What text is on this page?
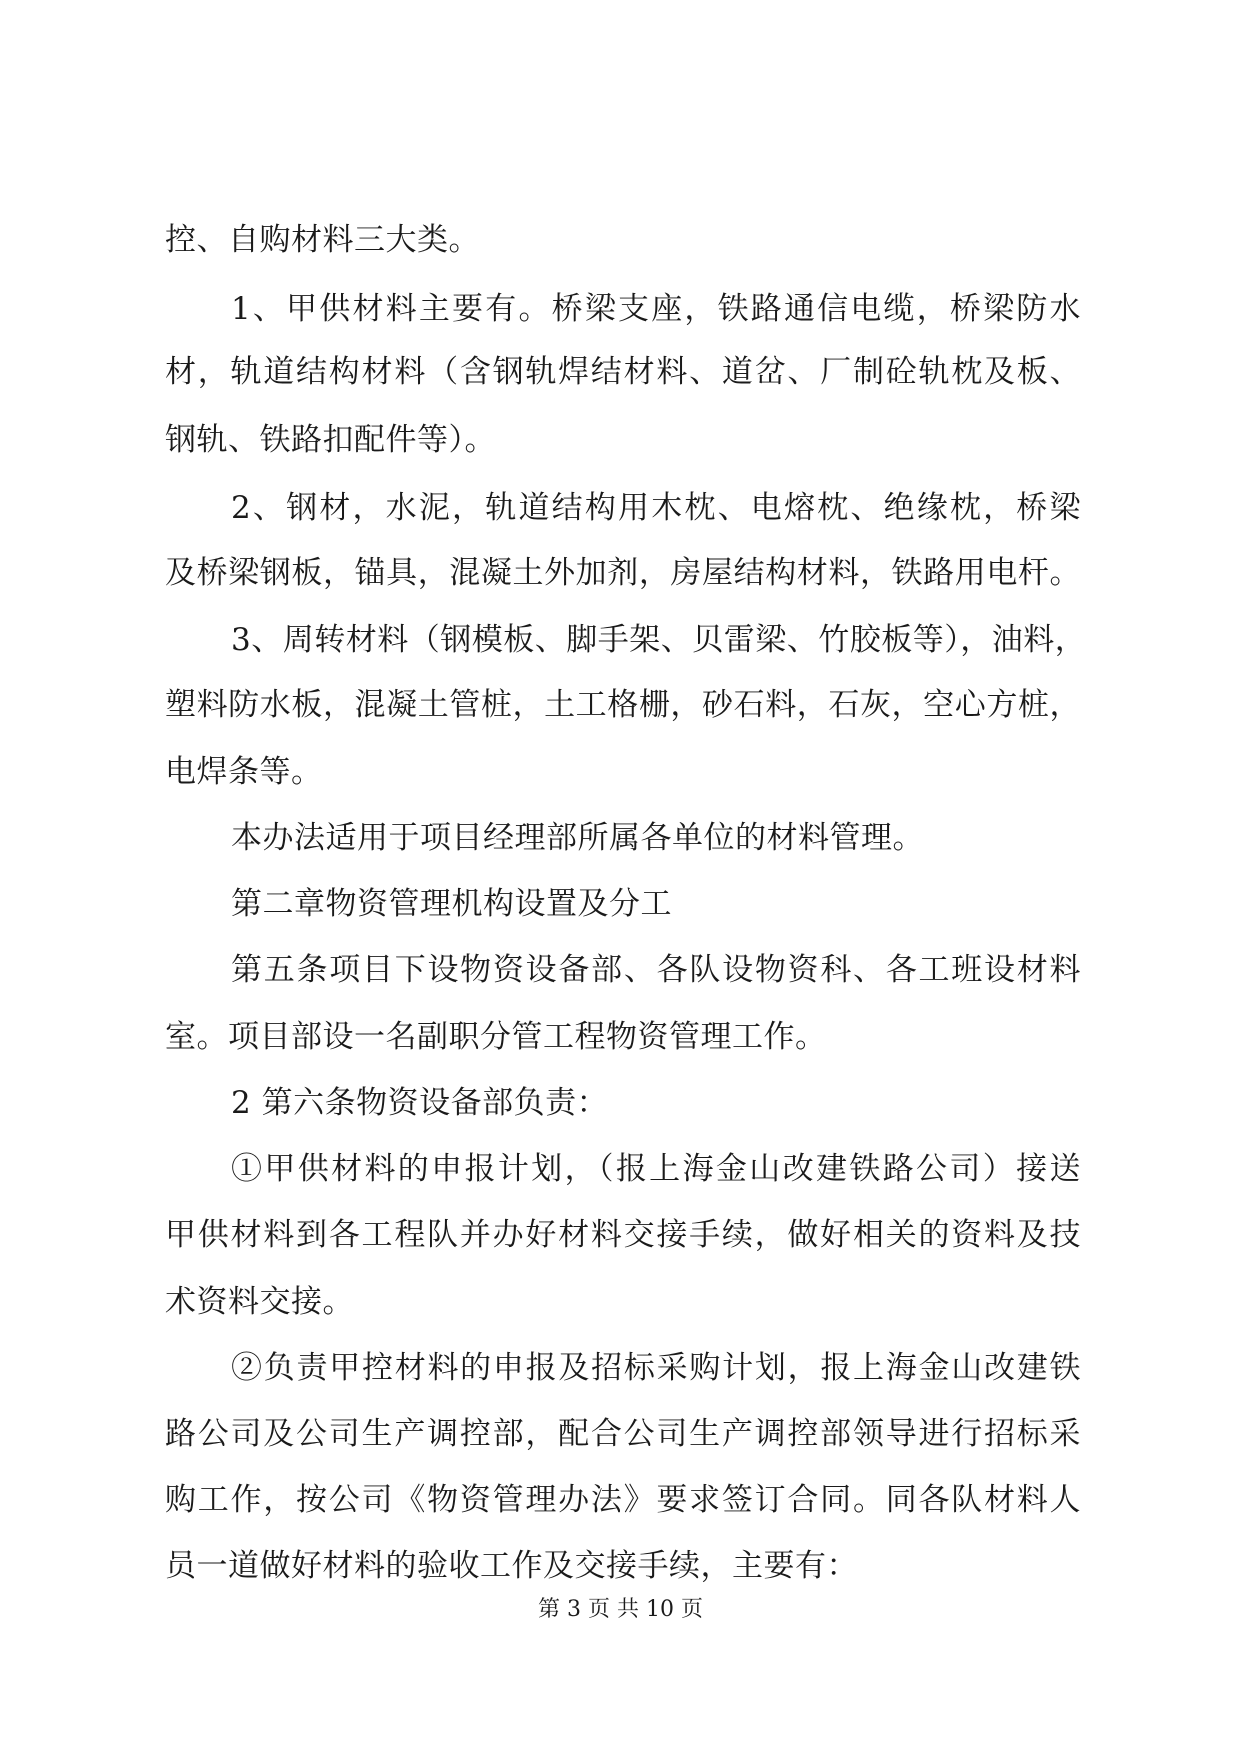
控、自购材料三大类。
1、甲供材料主要有。桥梁支座，铁路通信电缆，桥梁防水
材，轨道结构材料（含钢轨焊结材料、道岔、厂制砼轨枕及板、
钢轨、铁路扣配件等）。
2、钢材，水泥，轨道结构用木枕、电熔枕、绝缘枕，桥梁
及桥梁钢板，锚具，混凝土外加剂，房屋结构材料，铁路用电杆。
3、周转材料（钢模板、脚手架、贝雷梁、竹胶板等），油料，
塑料防水板，混凝土管桩，土工格栅，砂石料，石灰，空心方桩，
电焊条等。
本办法适用于项目经理部所属各单位的材料管理。
第二章物资管理机构设置及分工
第五条项目下设物资设备部、各队设物资科、各工班设材料
室。项目部设一名副职分管工程物资管理工作。
2 第六条物资设备部负责：
①甲供材料的申报计划，（报上海金山改建铁路公司）接送
甲供材料到各工程队并办好材料交接手续，做好相关的资料及技
术资料交接。
②负责甲控材料的申报及招标采购计划，报上海金山改建铁
路公司及公司生产调控部，配合公司生产调控部领导进行招标采
购工作，按公司《物资管理办法》要求签订合同。同各队材料人
员一道做好材料的验收工作及交接手续，主要有：
第 3 页 共 10 页
